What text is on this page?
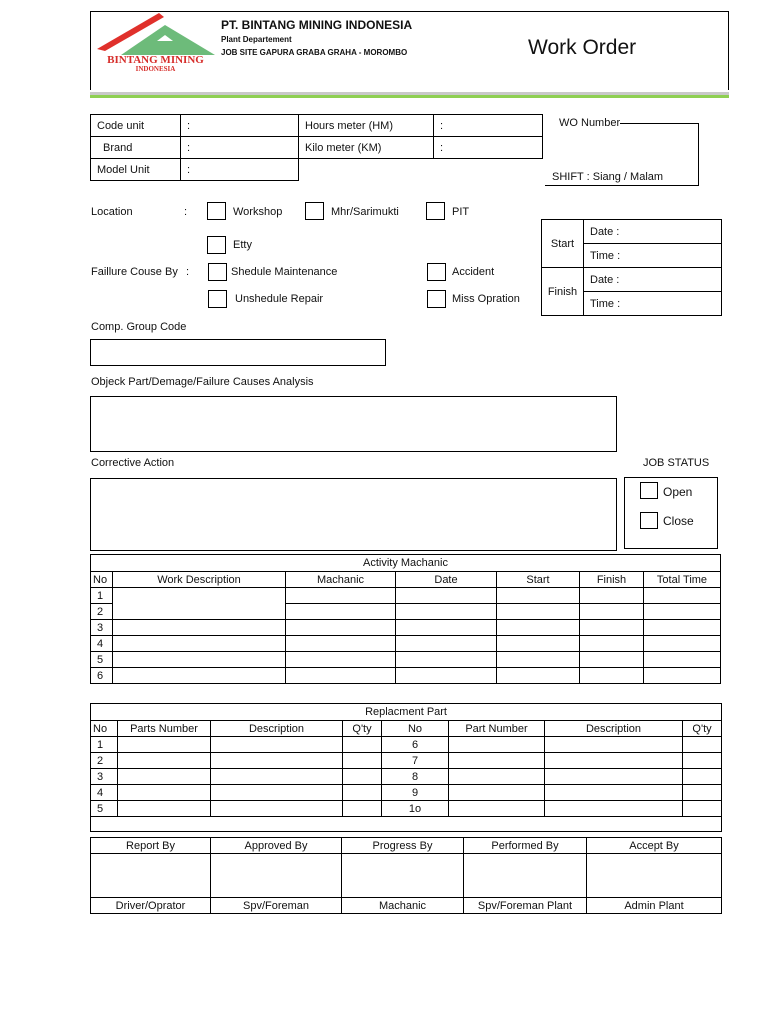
BINTANG MINING
INDONESIA
PT. BINTANG MINING INDONESIA
Plant Departement
JOB SITE GAPURA GRABA GRAHA - MOROMBO	Work Order
Code unit	:	Hours meter (HM)	:
Brand	:	Kilo meter (KM)	:
Model Unit	:		
WO Number
SHIFT : Siang / Malam
Location	:	Workshop	Mhr/Sarimukti	PIT
Etty
Faillure Couse By :	Shedule Maintenance
Unshedule Repair
Accident
Miss Opration
Start	Date :
	Time :
Finish	Date :
	Time :
Comp. Group Code
Objeck Part/Demage/Failure Causes Analysis
Corrective Action	JOB STATUS
Open
Close
Activity Machanic						
No	Work Description	Machanic	Date	Start	Finish	Total Time
1						
2						
3						
4						
5						
6						
Replacment Part							
No	Parts Number	Description	Q'ty	No	Part Number	Description	Q'ty
1				6			
2				7			
3				8			
4				9			
5				1o			

Report By	Approved By	Progress By	Performed By	Accept By

Driver/Oprator	Spv/Foreman	Machanic	Spv/Foreman Plant	Admin Plant
